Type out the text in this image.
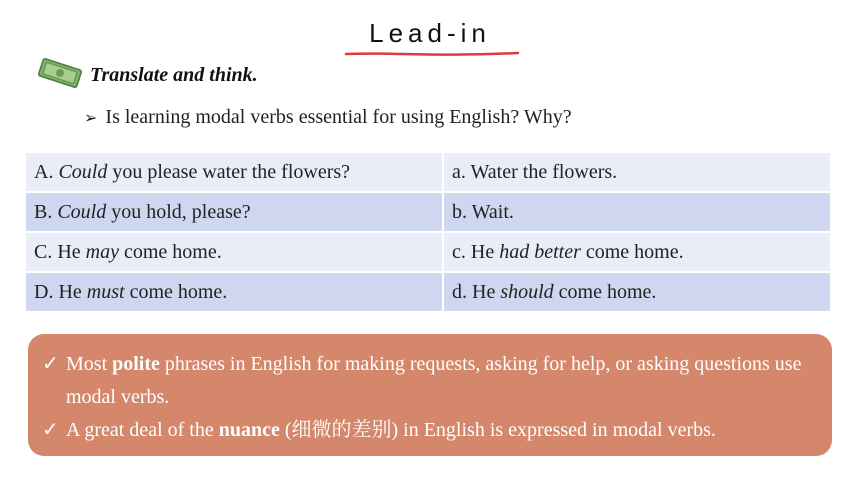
Lead-in
Translate and think.
➢ Is learning modal verbs essential for using English? Why?
A. Could you please water the flowers?	a. Water the flowers.
B. Could you hold, please?	b. Wait.
C. He may come home.	c. He had better come home.
D. He must come home.	d. He should come home.
✓ Most polite phrases in English for making requests, asking for help, or asking questions use modal verbs.
✓ A great deal of the nuance (细微的差别) in English is expressed in modal verbs.
